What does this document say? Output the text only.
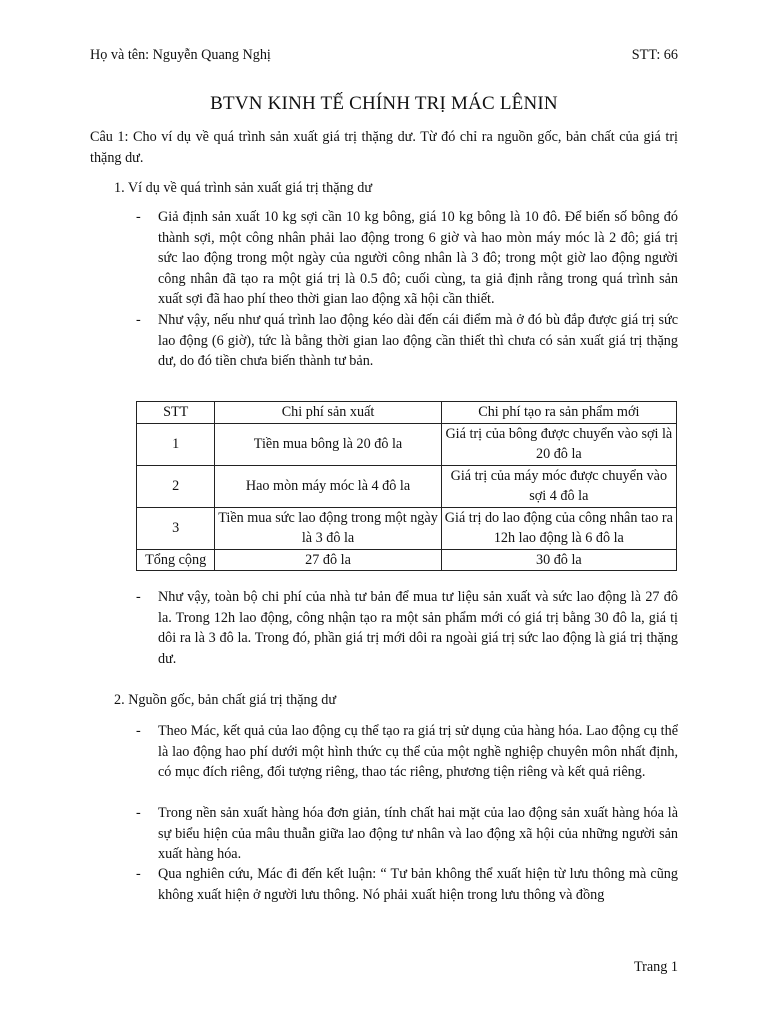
Họ và tên: Nguyễn Quang Nghị	STT: 66
BTVN KINH TẾ CHÍNH TRỊ MÁC LÊNIN
Câu 1: Cho ví dụ về quá trình sản xuất giá trị thặng dư. Từ đó chỉ ra nguồn gốc, bản chất của giá trị thặng dư.
1. Ví dụ về quá trình sản xuất giá trị thặng dư
- Giả định sản xuất 10 kg sợi cần 10 kg bông, giá 10 kg bông là 10 đô. Để biến số bông đó thành sợi, một công nhân phải lao động trong 6 giờ và hao mòn máy móc là 2 đô; giá trị sức lao động trong một ngày của người công nhân là 3 đô; trong một giờ lao động người công nhân đã tạo ra một giá trị là 0.5 đô; cuối cùng, ta giả định rằng trong quá trình sản xuất sợi đã hao phí theo thời gian lao động xã hội cần thiết.
- Như vậy, nếu như quá trình lao động kéo dài đến cái điểm mà ở đó bù đắp được giá trị sức lao động (6 giờ), tức là bằng thời gian lao động cần thiết thì chưa có sản xuất giá trị thặng dư, do đó tiền chưa biến thành tư bản.
STT	Chi phí sản xuất	Chi phí tạo ra sản phẩm mới
1	Tiền mua bông là 20 đô la	Giá trị của bông được chuyển vào sợi là 20 đô la
2	Hao mòn máy móc là 4 đô la	Giá trị của máy móc được chuyển vào sợi 4 đô la
3	Tiền mua sức lao động trong một ngày là 3 đô la	Giá trị do lao động của công nhân tao ra 12h lao động là 6 đô la
Tổng cộng	27 đô la	30 đô la
- Như vậy, toàn bộ chi phí của nhà tư bản để mua tư liệu sản xuất và sức lao động là 27 đô la. Trong 12h lao động, công nhận tạo ra một sản phẩm mới có giá trị bằng 30 đô la, giá tị dôi ra là 3 đô la. Trong đó, phần giá trị mới dôi ra ngoài giá trị sức lao động là giá trị thặng dư.
2. Nguồn gốc, bản chất giá trị thặng dư
- Theo Mác, kết quả của lao động cụ thể tạo ra giá trị sử dụng của hàng hóa. Lao động cụ thể là lao động hao phí dưới một hình thức cụ thể của một nghề nghiệp chuyên môn nhất định, có mục đích riêng, đối tượng riêng, thao tác riêng, phương tiện riêng và kết quả riêng.
- Trong nền sản xuất hàng hóa đơn giản, tính chất hai mặt của lao động sản xuất hàng hóa là sự biểu hiện của mâu thuẫn giữa lao động tư nhân và lao động xã hội của những người sản xuất hàng hóa.
- Qua nghiên cứu, Mác đi đến kết luận: “ Tư bản không thể xuất hiện từ lưu thông mà cũng không xuất hiện ở người lưu thông. Nó phải xuất hiện trong lưu thông và đồng
Trang 1
